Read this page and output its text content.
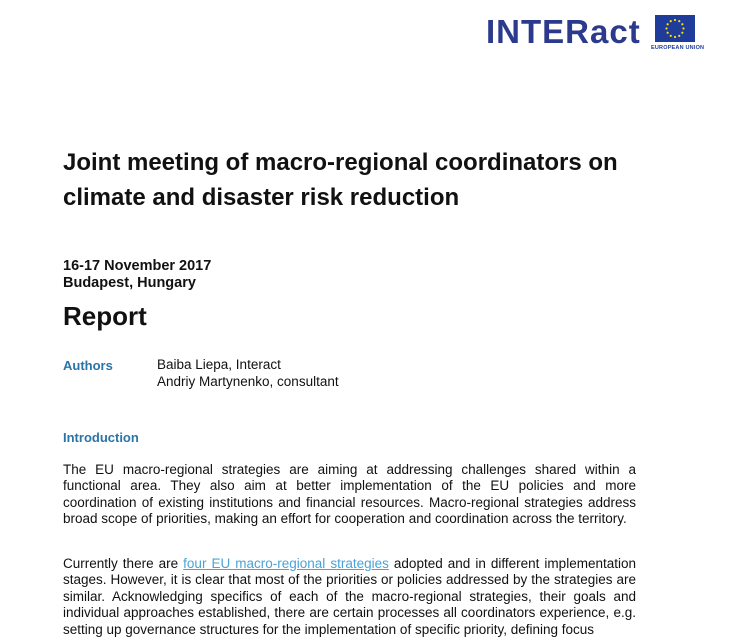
INTERact EUROPEAN UNION
Joint meeting of macro-regional coordinators on climate and disaster risk reduction
16-17 November 2017
Budapest, Hungary
Report
Authors	Baiba Liepa, Interact
Andriy Martynenko, consultant
Introduction

The EU macro-regional strategies are aiming at addressing challenges shared within a functional area. They also aim at better implementation of the EU policies and more coordination of existing institutions and financial resources. Macro-regional strategies address broad scope of priorities, making an effort for cooperation and coordination across the territory.

Currently there are four EU macro-regional strategies adopted and in different implementation stages. However, it is clear that most of the priorities or policies addressed by the strategies are similar. Acknowledging specifics of each of the macro-regional strategies, their goals and individual approaches established, there are certain processes all coordinators experience, e.g. setting up governance structures for the implementation of specific priority, defining focus
